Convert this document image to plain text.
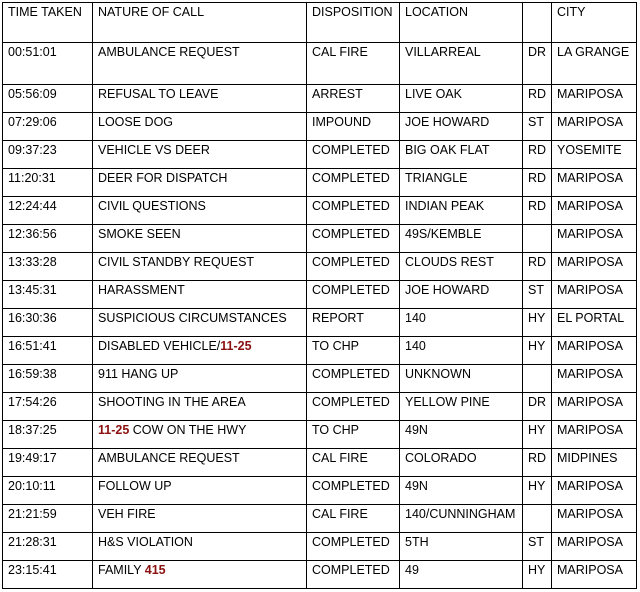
TIME TAKEN	NATURE OF CALL	DISPOSITION	LOCATION		CITY
00:51:01	AMBULANCE REQUEST	CAL FIRE	VILLARREAL	DR	LA GRANGE
05:56:09	REFUSAL TO LEAVE	ARREST	LIVE OAK	RD	MARIPOSA
07:29:06	LOOSE DOG	IMPOUND	JOE HOWARD	ST	MARIPOSA
09:37:23	VEHICLE VS DEER	COMPLETED	BIG OAK FLAT	RD	YOSEMITE
11:20:31	DEER FOR DISPATCH	COMPLETED	TRIANGLE	RD	MARIPOSA
12:24:44	CIVIL QUESTIONS	COMPLETED	INDIAN PEAK	RD	MARIPOSA
12:36:56	SMOKE SEEN	COMPLETED	49S/KEMBLE		MARIPOSA
13:33:28	CIVIL STANDBY REQUEST	COMPLETED	CLOUDS REST	RD	MARIPOSA
13:45:31	HARASSMENT	COMPLETED	JOE HOWARD	ST	MARIPOSA
16:30:36	SUSPICIOUS CIRCUMSTANCES	REPORT	140	HY	EL PORTAL
16:51:41	DISABLED VEHICLE/11-25	TO CHP	140	HY	MARIPOSA
16:59:38	911 HANG UP	COMPLETED	UNKNOWN		MARIPOSA
17:54:26	SHOOTING IN THE AREA	COMPLETED	YELLOW PINE	DR	MARIPOSA
18:37:25	11-25 COW ON THE HWY	TO CHP	49N	HY	MARIPOSA
19:49:17	AMBULANCE REQUEST	CAL FIRE	COLORADO	RD	MIDPINES
20:10:11	FOLLOW UP	COMPLETED	49N	HY	MARIPOSA
21:21:59	VEH FIRE	CAL FIRE	140/CUNNINGHAM		MARIPOSA
21:28:31	H&S VIOLATION	COMPLETED	5TH	ST	MARIPOSA
23:15:41	FAMILY 415	COMPLETED	49	HY	MARIPOSA
